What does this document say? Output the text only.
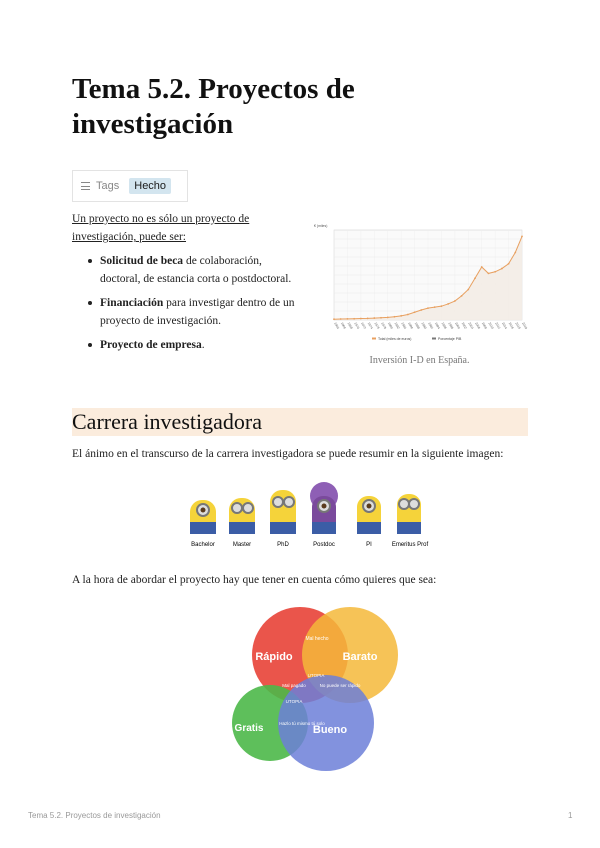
Tema 5.2. Proyectos de investigación
Tags	Hecho
Un proyecto no es sólo un proyecto de investigación, puede ser:
Solicitud de beca de colaboración, doctoral, de estancia corta o postdoctoral.
Financiación para investigar dentro de un proyecto de investigación.
Proyecto de empresa.
€ (miles)
1964 1966 1968 1970 1972 1974 1976 1978 1980 1982 1984 1986 1988 1990 1992 1994 1996 1998 2000 2002 2004 2006 2008 2010 2012 2014 2016 2018 2019
Total (miles de euros)	Porcentaje PIB
Inversión I-D en España.
Carrera investigadora
El ánimo en el transcurso de la carrera investigadora se puede resumir en la siguiente imagen:
Bachelor	Master	PhD	Postdoc	PI	Emeritus Prof
A la hora de abordar el proyecto hay que tener en cuenta cómo quieres que sea:
Rápido	Barato
Gratis	Bueno
Mal hecho
UTOPIA
Mal pagado	No puede ser rápido
UTOPIA
Hazlo tú mismo tú solo
Tema 5.2. Proyectos de investigación	1
